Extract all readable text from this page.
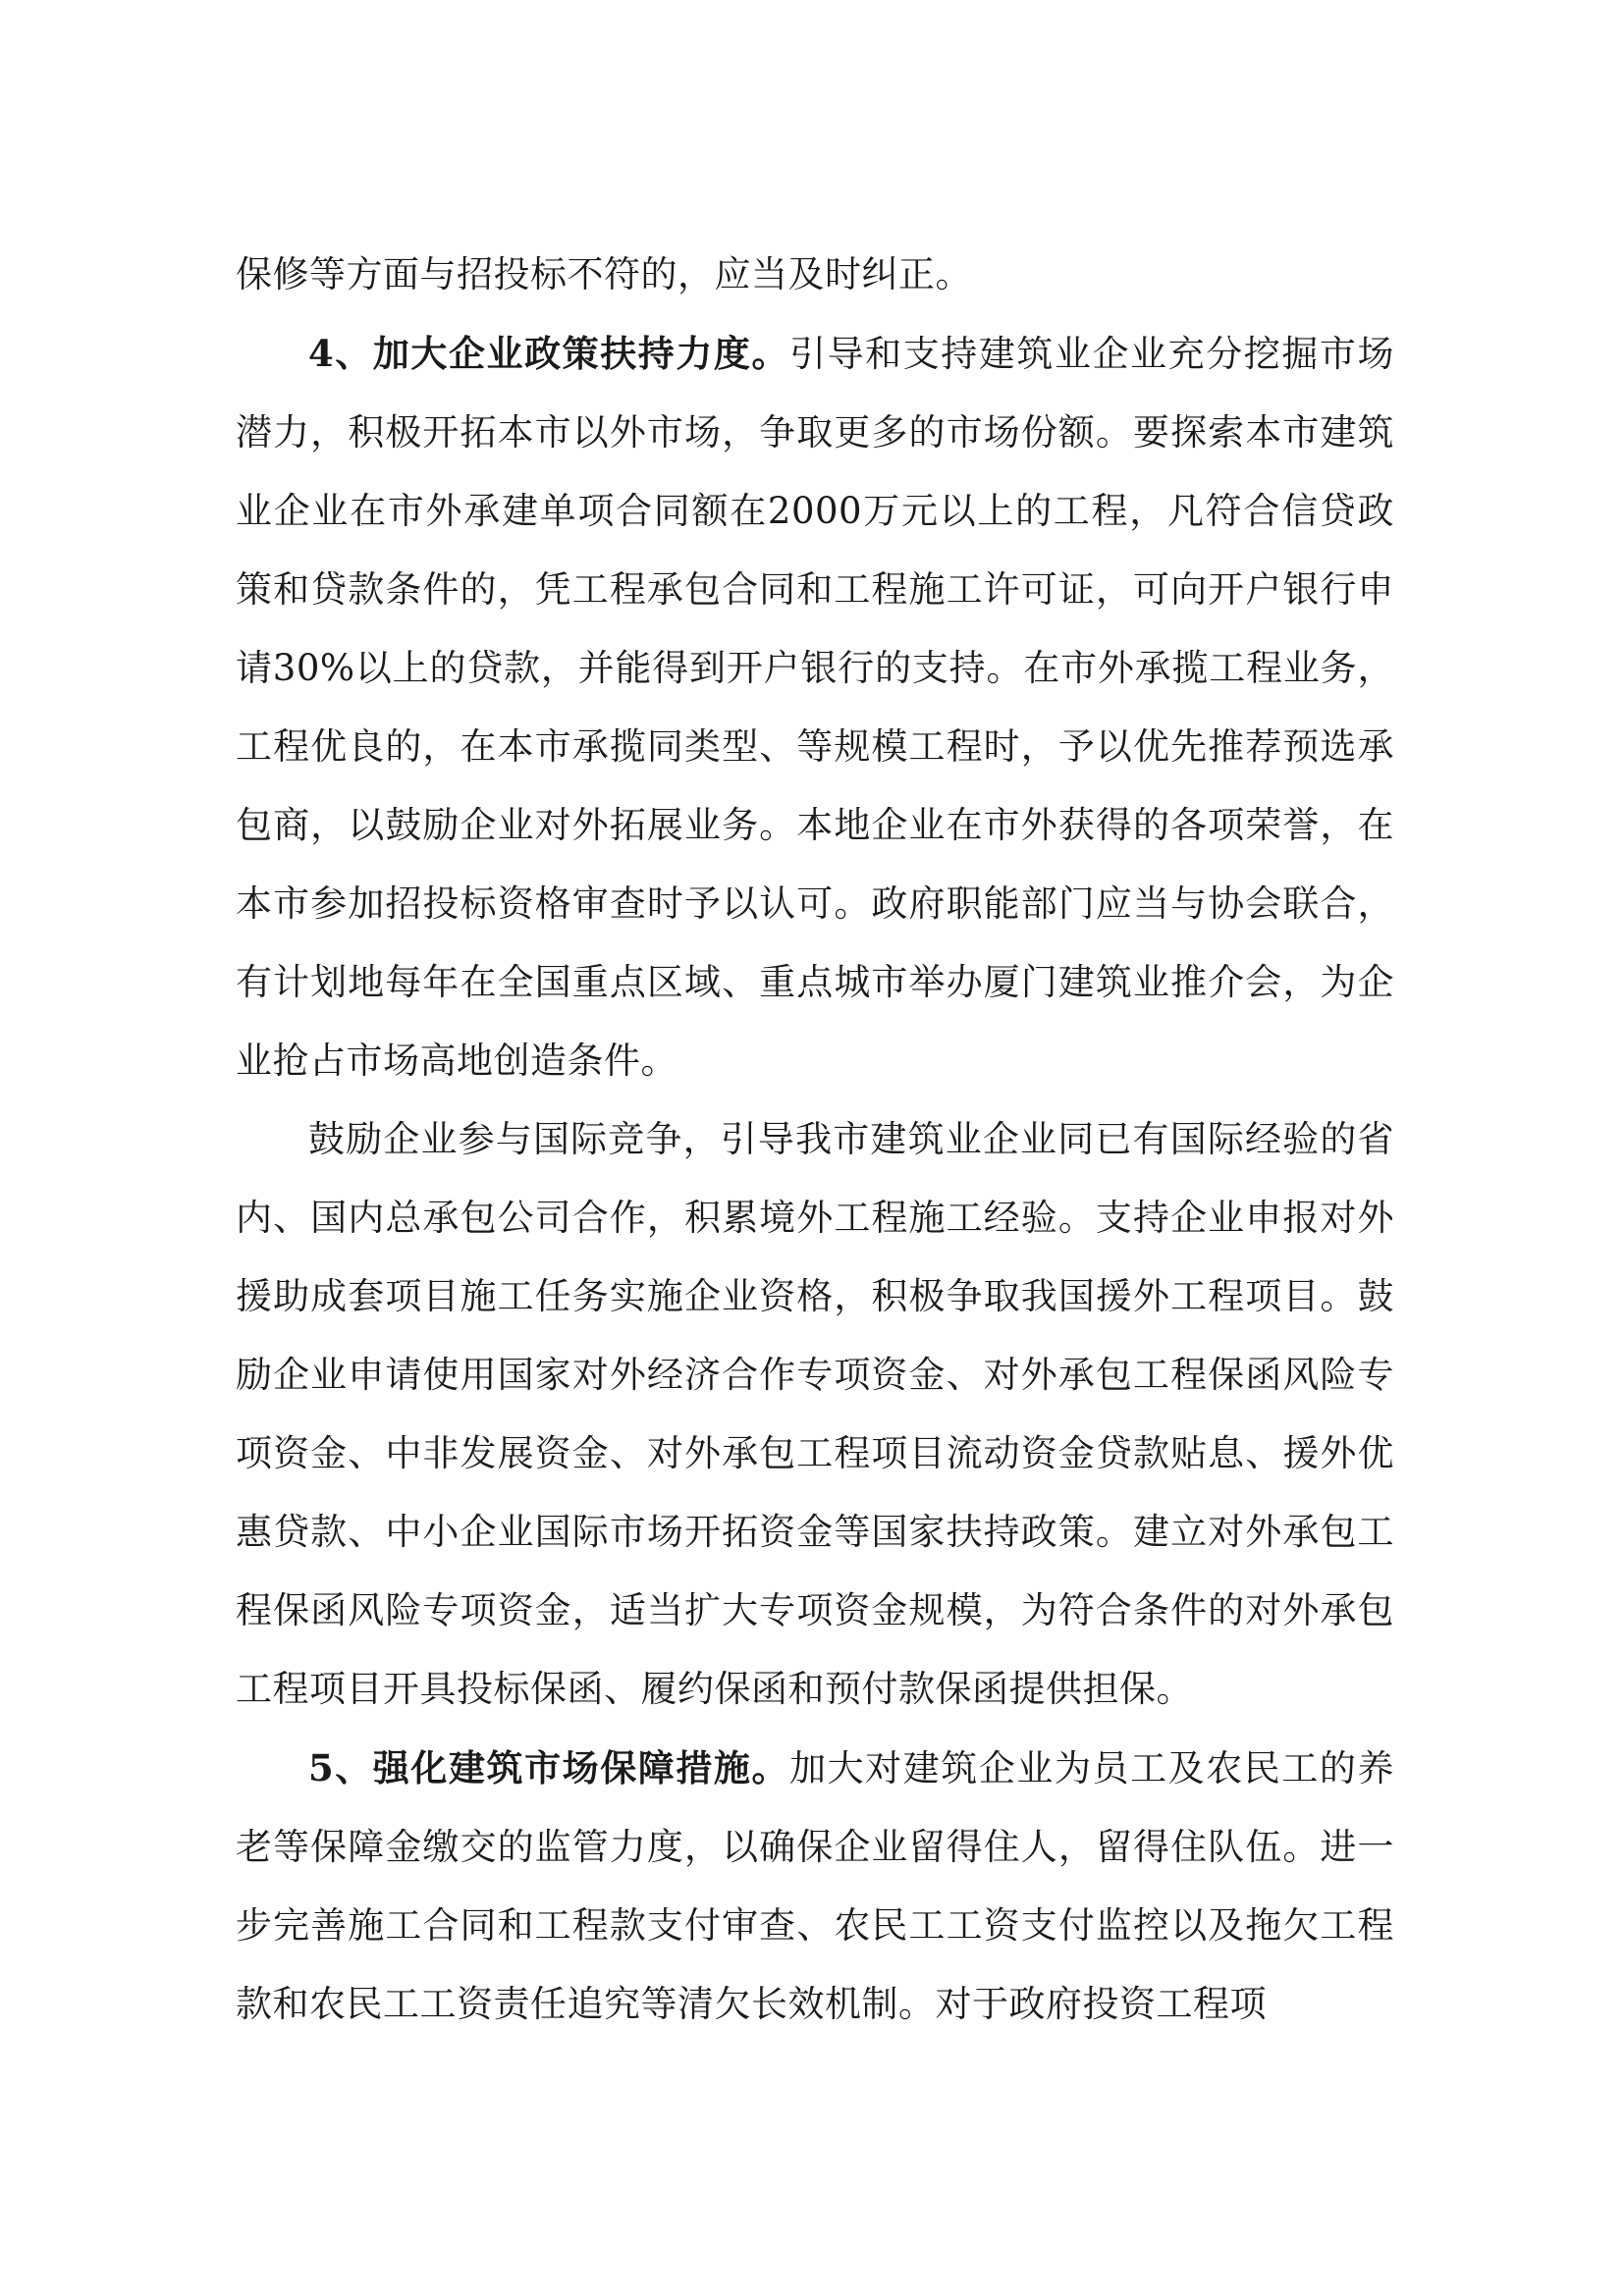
保修等方面与招投标不符的，应当及时纠正。

4、加大企业政策扶持力度。引导和支持建筑业企业充分挖掘市场潜力，积极开拓本市以外市场，争取更多的市场份额。要探索本市建筑业企业在市外承建单项合同额在2000万元以上的工程，凡符合信贷政策和贷款条件的，凭工程承包合同和工程施工许可证，可向开户银行申请30%以上的贷款，并能得到开户银行的支持。在市外承揽工程业务，工程优良的，在本市承揽同类型、等规模工程时，予以优先推荐预选承包商，以鼓励企业对外拓展业务。本地企业在市外获得的各项荣誉，在本市参加招投标资格审查时予以认可。政府职能部门应当与协会联合，有计划地每年在全国重点区域、重点城市举办厦门建筑业推介会，为企业抢占市场高地创造条件。

鼓励企业参与国际竞争，引导我市建筑业企业同已有国际经验的省内、国内总承包公司合作，积累境外工程施工经验。支持企业申报对外援助成套项目施工任务实施企业资格，积极争取我国援外工程项目。鼓励企业申请使用国家对外经济合作专项资金、对外承包工程保函风险专项资金、中非发展资金、对外承包工程项目流动资金贷款贴息、援外优惠贷款、中小企业国际市场开拓资金等国家扶持政策。建立对外承包工程保函风险专项资金，适当扩大专项资金规模，为符合条件的对外承包工程项目开具投标保函、履约保函和预付款保函提供担保。

5、强化建筑市场保障措施。加大对建筑企业为员工及农民工的养老等保障金缴交的监管力度，以确保企业留得住人，留得住队伍。进一步完善施工合同和工程款支付审查、农民工工资支付监控以及拖欠工程款和农民工工资责任追究等清欠长效机制。对于政府投资工程项
